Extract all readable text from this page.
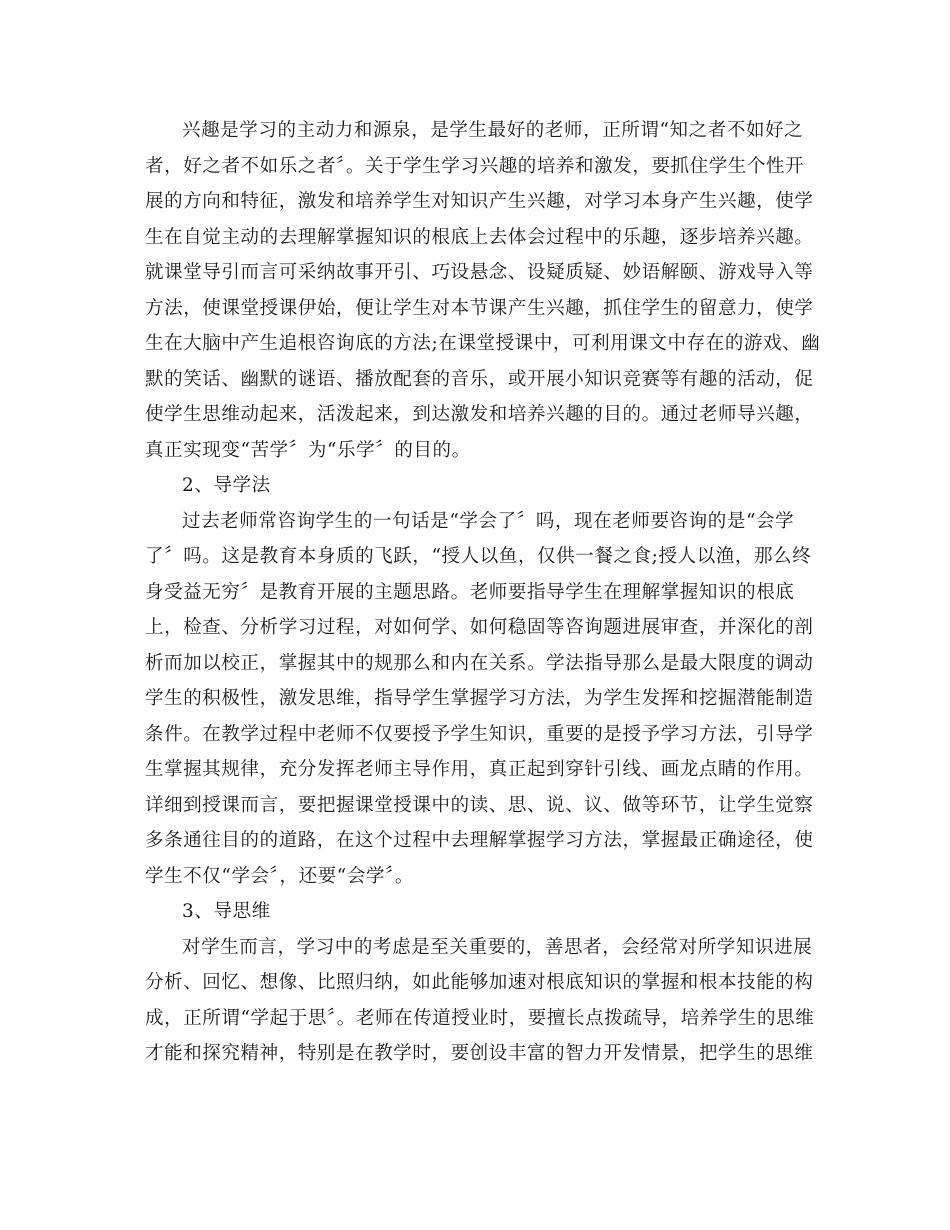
兴趣是学习的主动力和源泉，是学生最好的老师，正所谓“知之者不如好之
者，好之者不如乐之者〞。关于学生学习兴趣的培养和激发，要抓住学生个性开
展的方向和特征，激发和培养学生对知识产生兴趣，对学习本身产生兴趣，使学
生在自觉主动的去理解掌握知识的根底上去体会过程中的乐趣，逐步培养兴趣。
就课堂导引而言可采纳故事开引、巧设悬念、设疑质疑、妙语解颐、游戏导入等
方法，使课堂授课伊始，便让学生对本节课产生兴趣，抓住学生的留意力，使学
生在大脑中产生追根咨询底的方法;在课堂授课中，可利用课文中存在的游戏、幽
默的笑话、幽默的谜语、播放配套的音乐，或开展小知识竞赛等有趣的活动，促
使学生思维动起来，活泼起来，到达激发和培养兴趣的目的。通过老师导兴趣，
真正实现变“苦学〞为“乐学〞的目的。
2、导学法
过去老师常咨询学生的一句话是“学会了〞吗，现在老师要咨询的是“会学
了〞吗。这是教育本身质的飞跃，“授人以鱼，仅供一餐之食;授人以渔，那么终
身受益无穷〞是教育开展的主题思路。老师要指导学生在理解掌握知识的根底
上，检查、分析学习过程，对如何学、如何稳固等咨询题进展审查，并深化的剖
析而加以校正，掌握其中的规那么和内在关系。学法指导那么是最大限度的调动
学生的积极性，激发思维，指导学生掌握学习方法，为学生发挥和挖掘潜能制造
条件。在教学过程中老师不仅要授予学生知识，重要的是授予学习方法，引导学
生掌握其规律，充分发挥老师主导作用，真正起到穿针引线、画龙点睛的作用。
详细到授课而言，要把握课堂授课中的读、思、说、议、做等环节，让学生觉察
多条通往目的的道路，在这个过程中去理解掌握学习方法，掌握最正确途径，使
学生不仅“学会〞，还要“会学〞。
3、导思维
对学生而言，学习中的考虑是至关重要的，善思者，会经常对所学知识进展
分析、回忆、想像、比照归纳，如此能够加速对根底知识的掌握和根本技能的构
成，正所谓“学起于思〞。老师在传道授业时，要擅长点拨疏导，培养学生的思维
才能和探究精神，特别是在教学时，要创设丰富的智力开发情景，把学生的思维
